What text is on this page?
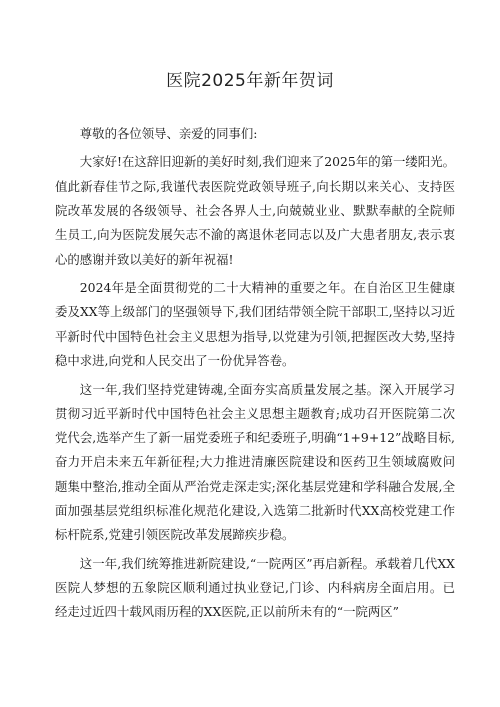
医院2025年新年贺词

尊敬的各位领导、亲爱的同事们:

大家好!在这辞旧迎新的美好时刻,我们迎来了2025年的第一缕阳光。值此新春佳节之际,我谨代表医院党政领导班子,向长期以来关心、支持医院改革发展的各级领导、社会各界人士,向兢兢业业、默默奉献的全院师生员工,向为医院发展矢志不渝的离退休老同志以及广大患者朋友,表示衷心的感谢并致以美好的新年祝福!

2024年是全面贯彻党的二十大精神的重要之年。在自治区卫生健康委及XX等上级部门的坚强领导下,我们团结带领全院干部职工,坚持以习近平新时代中国特色社会主义思想为指导,以党建为引领,把握医改大势,坚持稳中求进,向党和人民交出了一份优异答卷。

这一年,我们坚持党建铸魂,全面夯实高质量发展之基。深入开展学习贯彻习近平新时代中国特色社会主义思想主题教育;成功召开医院第二次党代会,选举产生了新一届党委班子和纪委班子,明确“1+9+12”战略目标,奋力开启未来五年新征程;大力推进清廉医院建设和医药卫生领域腐败问题集中整治,推动全面从严治党走深走实;深化基层党建和学科融合发展,全面加强基层党组织标准化规范化建设,入选第二批新时代XX高校党建工作标杆院系,党建引领医院改革发展蹄疾步稳。

这一年,我们统筹推进新院建设,“一院两区”再启新程。承载着几代XX医院人梦想的五象院区顺利通过执业登记,门诊、内科病房全面启用。已经走过近四十载风雨历程的XX医院,正以前所未有的“一院两区”
